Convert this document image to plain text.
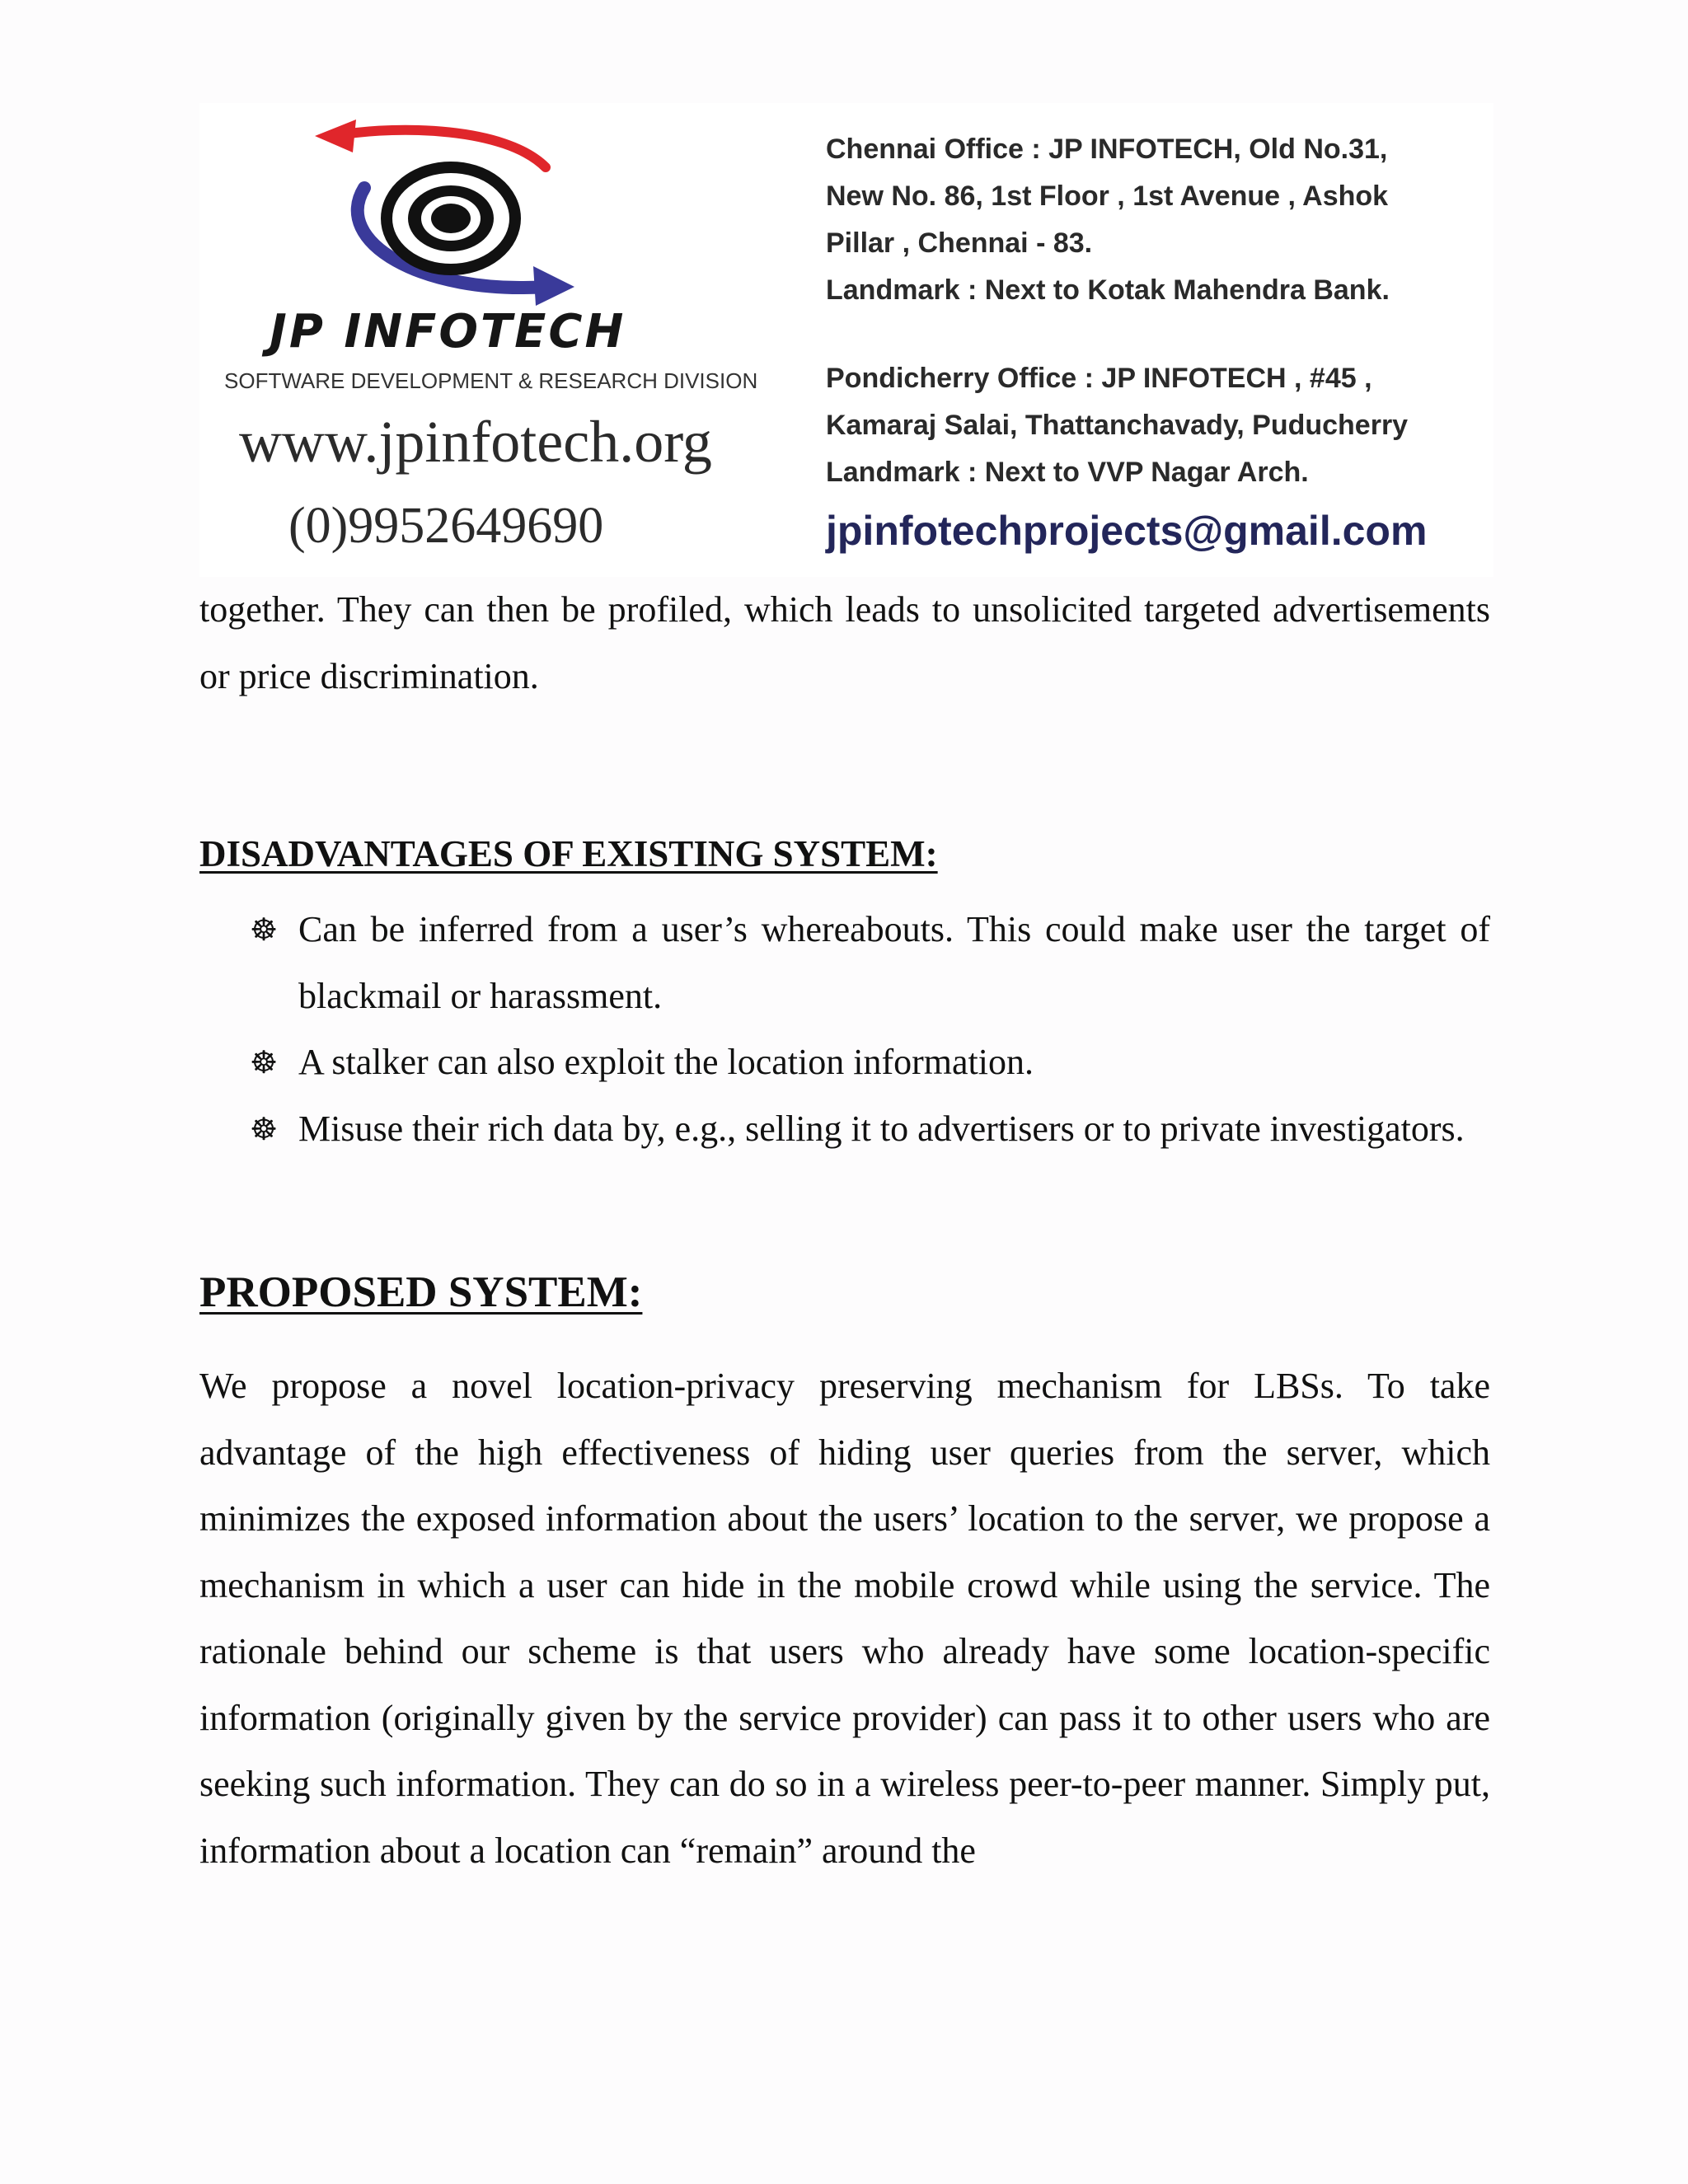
JP INFOTECH
SOFTWARE DEVELOPMENT & RESEARCH DIVISION
www.jpinfotech.org
(0)9952649690
Chennai Office : JP INFOTECH, Old No.31,
New No. 86, 1st Floor , 1st Avenue , Ashok
Pillar , Chennai - 83.
Landmark : Next to Kotak Mahendra Bank.
Pondicherry Office : JP INFOTECH , #45 ,
Kamaraj Salai, Thattanchavady, Puducherry
Landmark : Next to VVP Nagar Arch.
jpinfotechprojects@gmail.com

together. They can then be profiled, which leads to unsolicited targeted advertisements or price discrimination.

DISADVANTAGES OF EXISTING SYSTEM:
☸ Can be inferred from a user’s whereabouts. This could make user the target of blackmail or harassment.
☸ A stalker can also exploit the location information.
☸ Misuse their rich data by, e.g., selling it to advertisers or to private investigators.
PROPOSED SYSTEM:

We propose a novel location-privacy preserving mechanism for LBSs. To take advantage of the high effectiveness of hiding user queries from the server, which minimizes the exposed information about the users’ location to the server, we propose a mechanism in which a user can hide in the mobile crowd while using the service. The rationale behind our scheme is that users who already have some location-specific information (originally given by the service provider) can pass it to other users who are seeking such information. They can do so in a wireless peer-to-peer manner. Simply put, information about a location can “remain” around the
